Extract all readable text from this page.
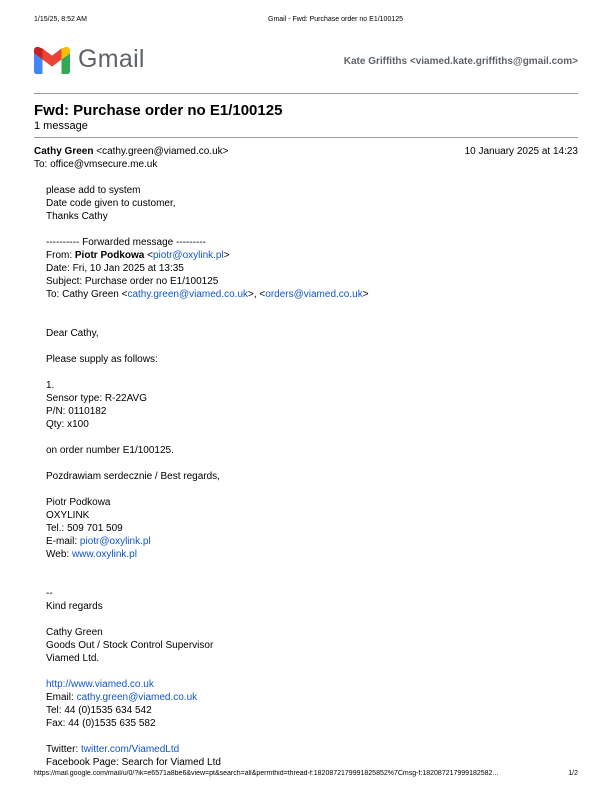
1/15/25, 8:52 AM	Gmail - Fwd: Purchase order no E1/100125
Gmail	Kate Griffiths <viamed.kate.griffiths@gmail.com>
Fwd: Purchase order no E1/100125
1 message
Cathy Green <cathy.green@viamed.co.uk>	10 January 2025 at 14:23
To: office@vmsecure.me.uk
please add to system
Date code given to customer,
Thanks Cathy
---------- Forwarded message ---------
From: Piotr Podkowa <piotr@oxylink.pl>
Date: Fri, 10 Jan 2025 at 13:35
Subject: Purchase order no E1/100125
To: Cathy Green <cathy.green@viamed.co.uk>, <orders@viamed.co.uk>
Dear Cathy,
Please supply as follows:
1.
Sensor type: R-22AVG
P/N: 0110182
Qty: x100
on order number E1/100125.
Pozdrawiam serdecznie / Best regards,
Piotr Podkowa
OXYLINK
Tel.: 509 701 509
E-mail: piotr@oxylink.pl
Web: www.oxylink.pl
--
Kind regards
Cathy Green
Goods Out / Stock Control Supervisor
Viamed Ltd.
http://www.viamed.co.uk
Email: cathy.green@viamed.co.uk
Tel: 44 (0)1535 634 542
Fax: 44 (0)1535 635 582
Twitter: twitter.com/ViamedLtd
Facebook Page: Search for Viamed Ltd
https://mail.google.com/mail/u/0/?ik=e6571a8be6&view=pt&search=all&permthid=thread-f:1820872179991825852%7Cmsg-f:182087217999182582...	1/2
